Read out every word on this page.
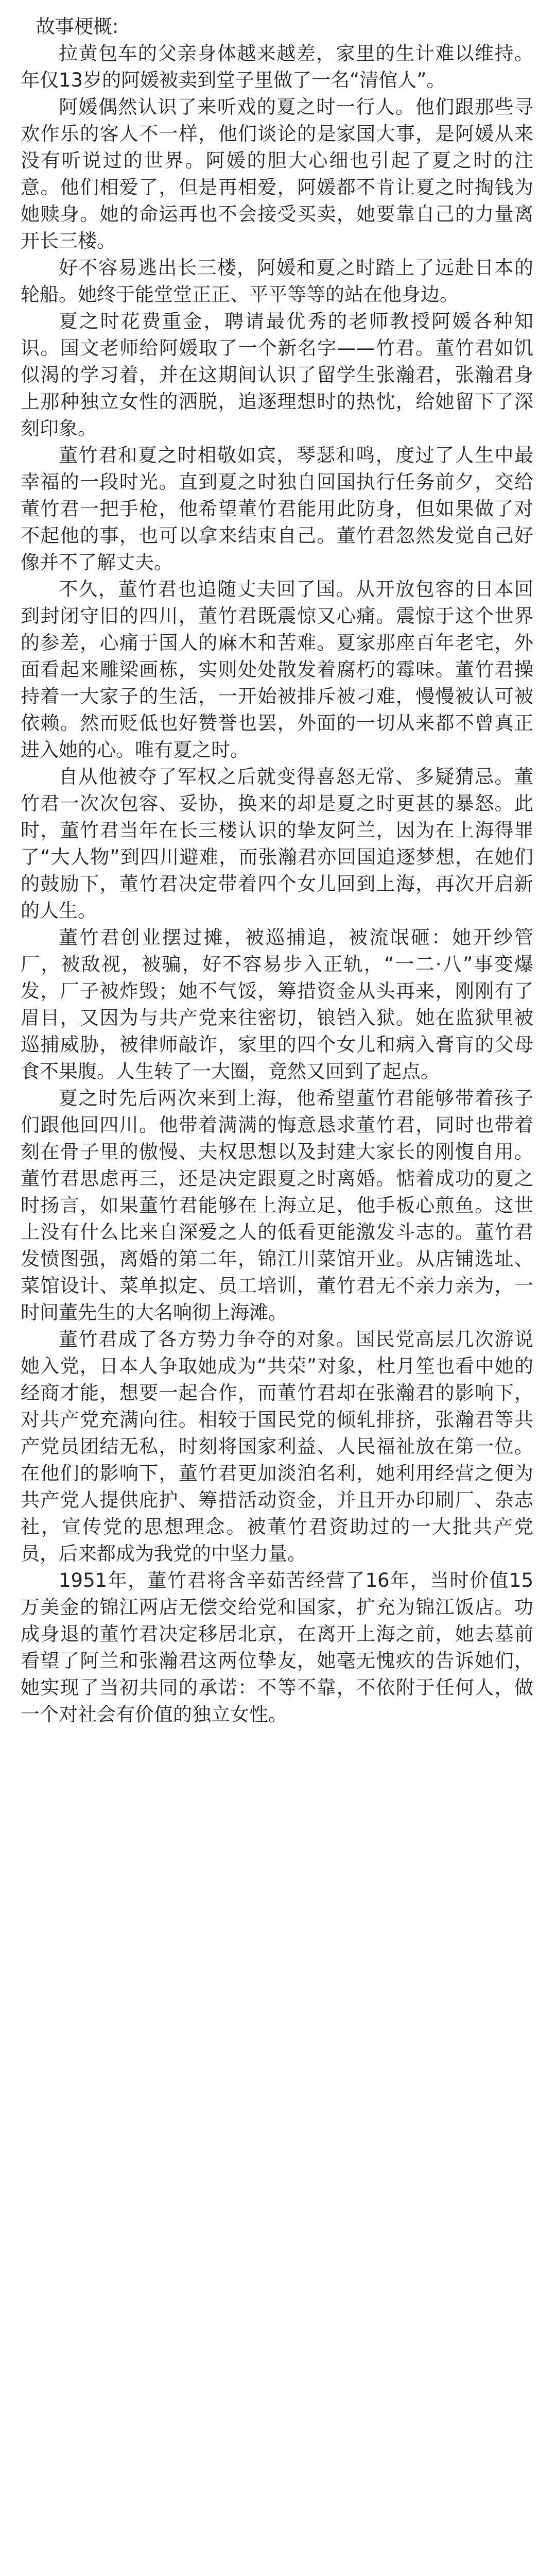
故事梗概:

拉黄包车的父亲身体越来越差，家里的生计难以维持。年仅13岁的阿媛被卖到堂子里做了一名“清倌人”。

阿媛偶然认识了来听戏的夏之时一行人。他们跟那些寻欢作乐的客人不一样，他们谈论的是家国大事，是阿媛从来没有听说过的世界。阿媛的胆大心细也引起了夏之时的注意。他们相爱了，但是再相爱，阿媛都不肯让夏之时掏钱为她赎身。她的命运再也不会接受买卖，她要靠自己的力量离开长三楼。

好不容易逃出长三楼，阿媛和夏之时踏上了远赴日本的轮船。她终于能堂堂正正、平平等等的站在他身边。

夏之时花费重金，聘请最优秀的老师教授阿媛各种知识。国文老师给阿媛取了一个新名字——竹君。董竹君如饥似渴的学习着，并在这期间认识了留学生张瀚君，张瀚君身上那种独立女性的洒脱，追逐理想时的热忱，给她留下了深刻印象。

董竹君和夏之时相敬如宾，琴瑟和鸣，度过了人生中最幸福的一段时光。直到夏之时独自回国执行任务前夕，交给董竹君一把手枪，他希望董竹君能用此防身，但如果做了对不起他的事，也可以拿来结束自己。董竹君忽然发觉自己好像并不了解丈夫。

不久，董竹君也追随丈夫回了国。从开放包容的日本回到封闭守旧的四川，董竹君既震惊又心痛。震惊于这个世界的参差，心痛于国人的麻木和苦难。夏家那座百年老宅，外面看起来雕梁画栋，实则处处散发着腐朽的霉味。董竹君操持着一大家子的生活，一开始被排斥被刁难，慢慢被认可被依赖。然而贬低也好赞誉也罢，外面的一切从来都不曾真正进入她的心。唯有夏之时。

自从他被夺了军权之后就变得喜怒无常、多疑猜忌。董竹君一次次包容、妥协，换来的却是夏之时更甚的暴怒。此时，董竹君当年在长三楼认识的挚友阿兰，因为在上海得罪了“大人物”到四川避难，而张瀚君亦回国追逐梦想，在她们的鼓励下，董竹君决定带着四个女儿回到上海，再次开启新的人生。

董竹君创业摆过摊，被巡捕追，被流氓砸：她开纱管厂，被敌视，被骗，好不容易步入正轨，“一二·八”事变爆发，厂子被炸毁；她不气馁，筹措资金从头再来，刚刚有了眉目，又因为与共产党来往密切，锒铛入狱。她在监狱里被巡捕威胁，被律师敲诈，家里的四个女儿和病入膏肓的父母食不果腹。人生转了一大圈，竟然又回到了起点。

夏之时先后两次来到上海，他希望董竹君能够带着孩子们跟他回四川。他带着满满的悔意恳求董竹君，同时也带着刻在骨子里的傲慢、夫权思想以及封建大家长的刚愎自用。董竹君思虑再三，还是决定跟夏之时离婚。惦着成功的夏之时扬言，如果董竹君能够在上海立足，他手板心煎鱼。这世上没有什么比来自深爱之人的低看更能激发斗志的。董竹君发愤图强，离婚的第二年，锦江川菜馆开业。从店铺选址、菜馆设计、菜单拟定、员工培训，董竹君无不亲力亲为，一时间董先生的大名响彻上海滩。

董竹君成了各方势力争夺的对象。国民党高层几次游说她入党，日本人争取她成为“共荣”对象，杜月笙也看中她的经商才能，想要一起合作，而董竹君却在张瀚君的影响下，对共产党充满向往。相较于国民党的倾轧排挤，张瀚君等共产党员团结无私，时刻将国家利益、人民福祉放在第一位。在他们的影响下，董竹君更加淡泊名利，她利用经营之便为共产党人提供庇护、筹措活动资金，并且开办印刷厂、杂志社，宣传党的思想理念。被董竹君资助过的一大批共产党员，后来都成为我党的中坚力量。

1951年，董竹君将含辛茹苦经营了16年，当时价值15万美金的锦江两店无偿交给党和国家，扩充为锦江饭店。功成身退的董竹君决定移居北京，在离开上海之前，她去墓前看望了阿兰和张瀚君这两位挚友，她毫无愧疚的告诉她们，她实现了当初共同的承诺：不等不靠，不依附于任何人，做一个对社会有价值的独立女性。
